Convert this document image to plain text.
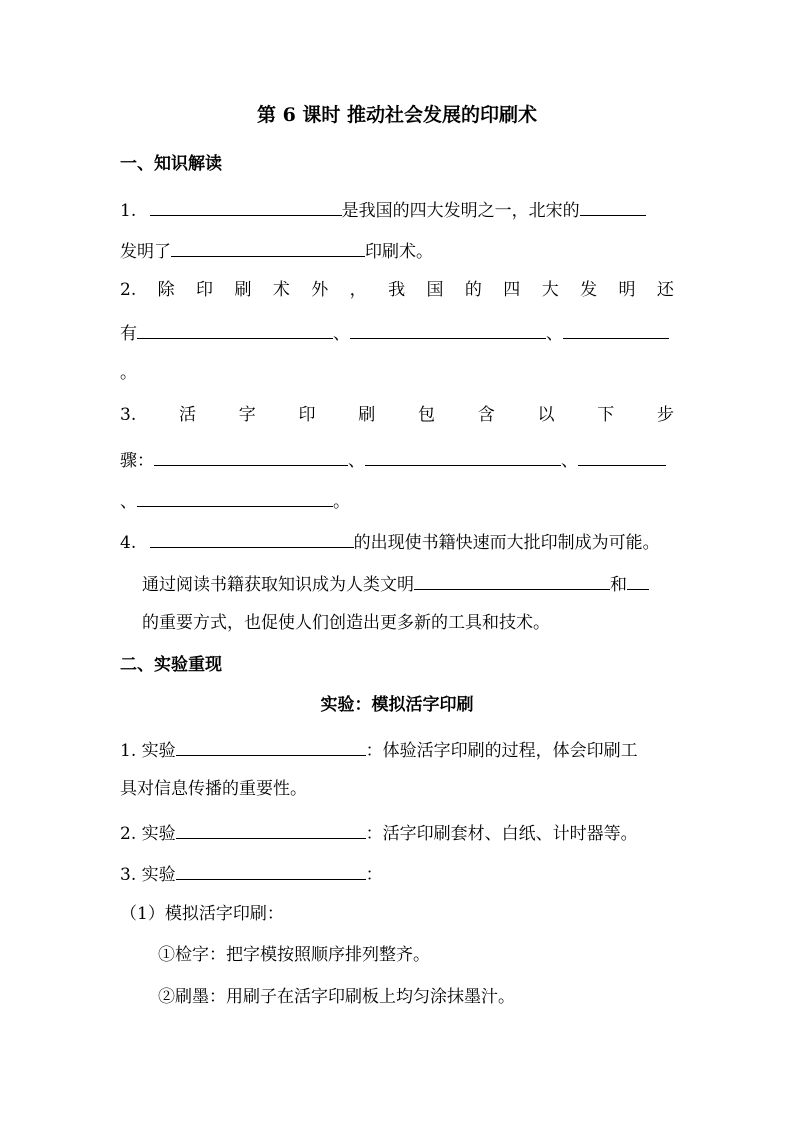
第 6 课时 推动社会发展的印刷术
一、知识解读
1.	是我国的四大发明之一，北宋的
发明了	印刷术。
2. 除 印 刷 术 外 ， 我 国 的 四 大 发 明 还
有	、	、
。
3.	活	字	印	刷	包	含	以	下	步
骤：	、	、
、	。
4.	的出现使书籍快速而大批印制成为可能。
通过阅读书籍获取知识成为人类文明	和
的重要方式，也促使人们创造出更多新的工具和技术。
二、实验重现
实验：模拟活字印刷
1. 实验	：体验活字印刷的过程，体会印刷工
具对信息传播的重要性。
2. 实验	：活字印刷套材、白纸、计时器等。
3. 实验	：
（1）模拟活字印刷：
①检字：把字模按照顺序排列整齐。
②刷墨：用刷子在活字印刷板上均匀涂抹墨汁。
